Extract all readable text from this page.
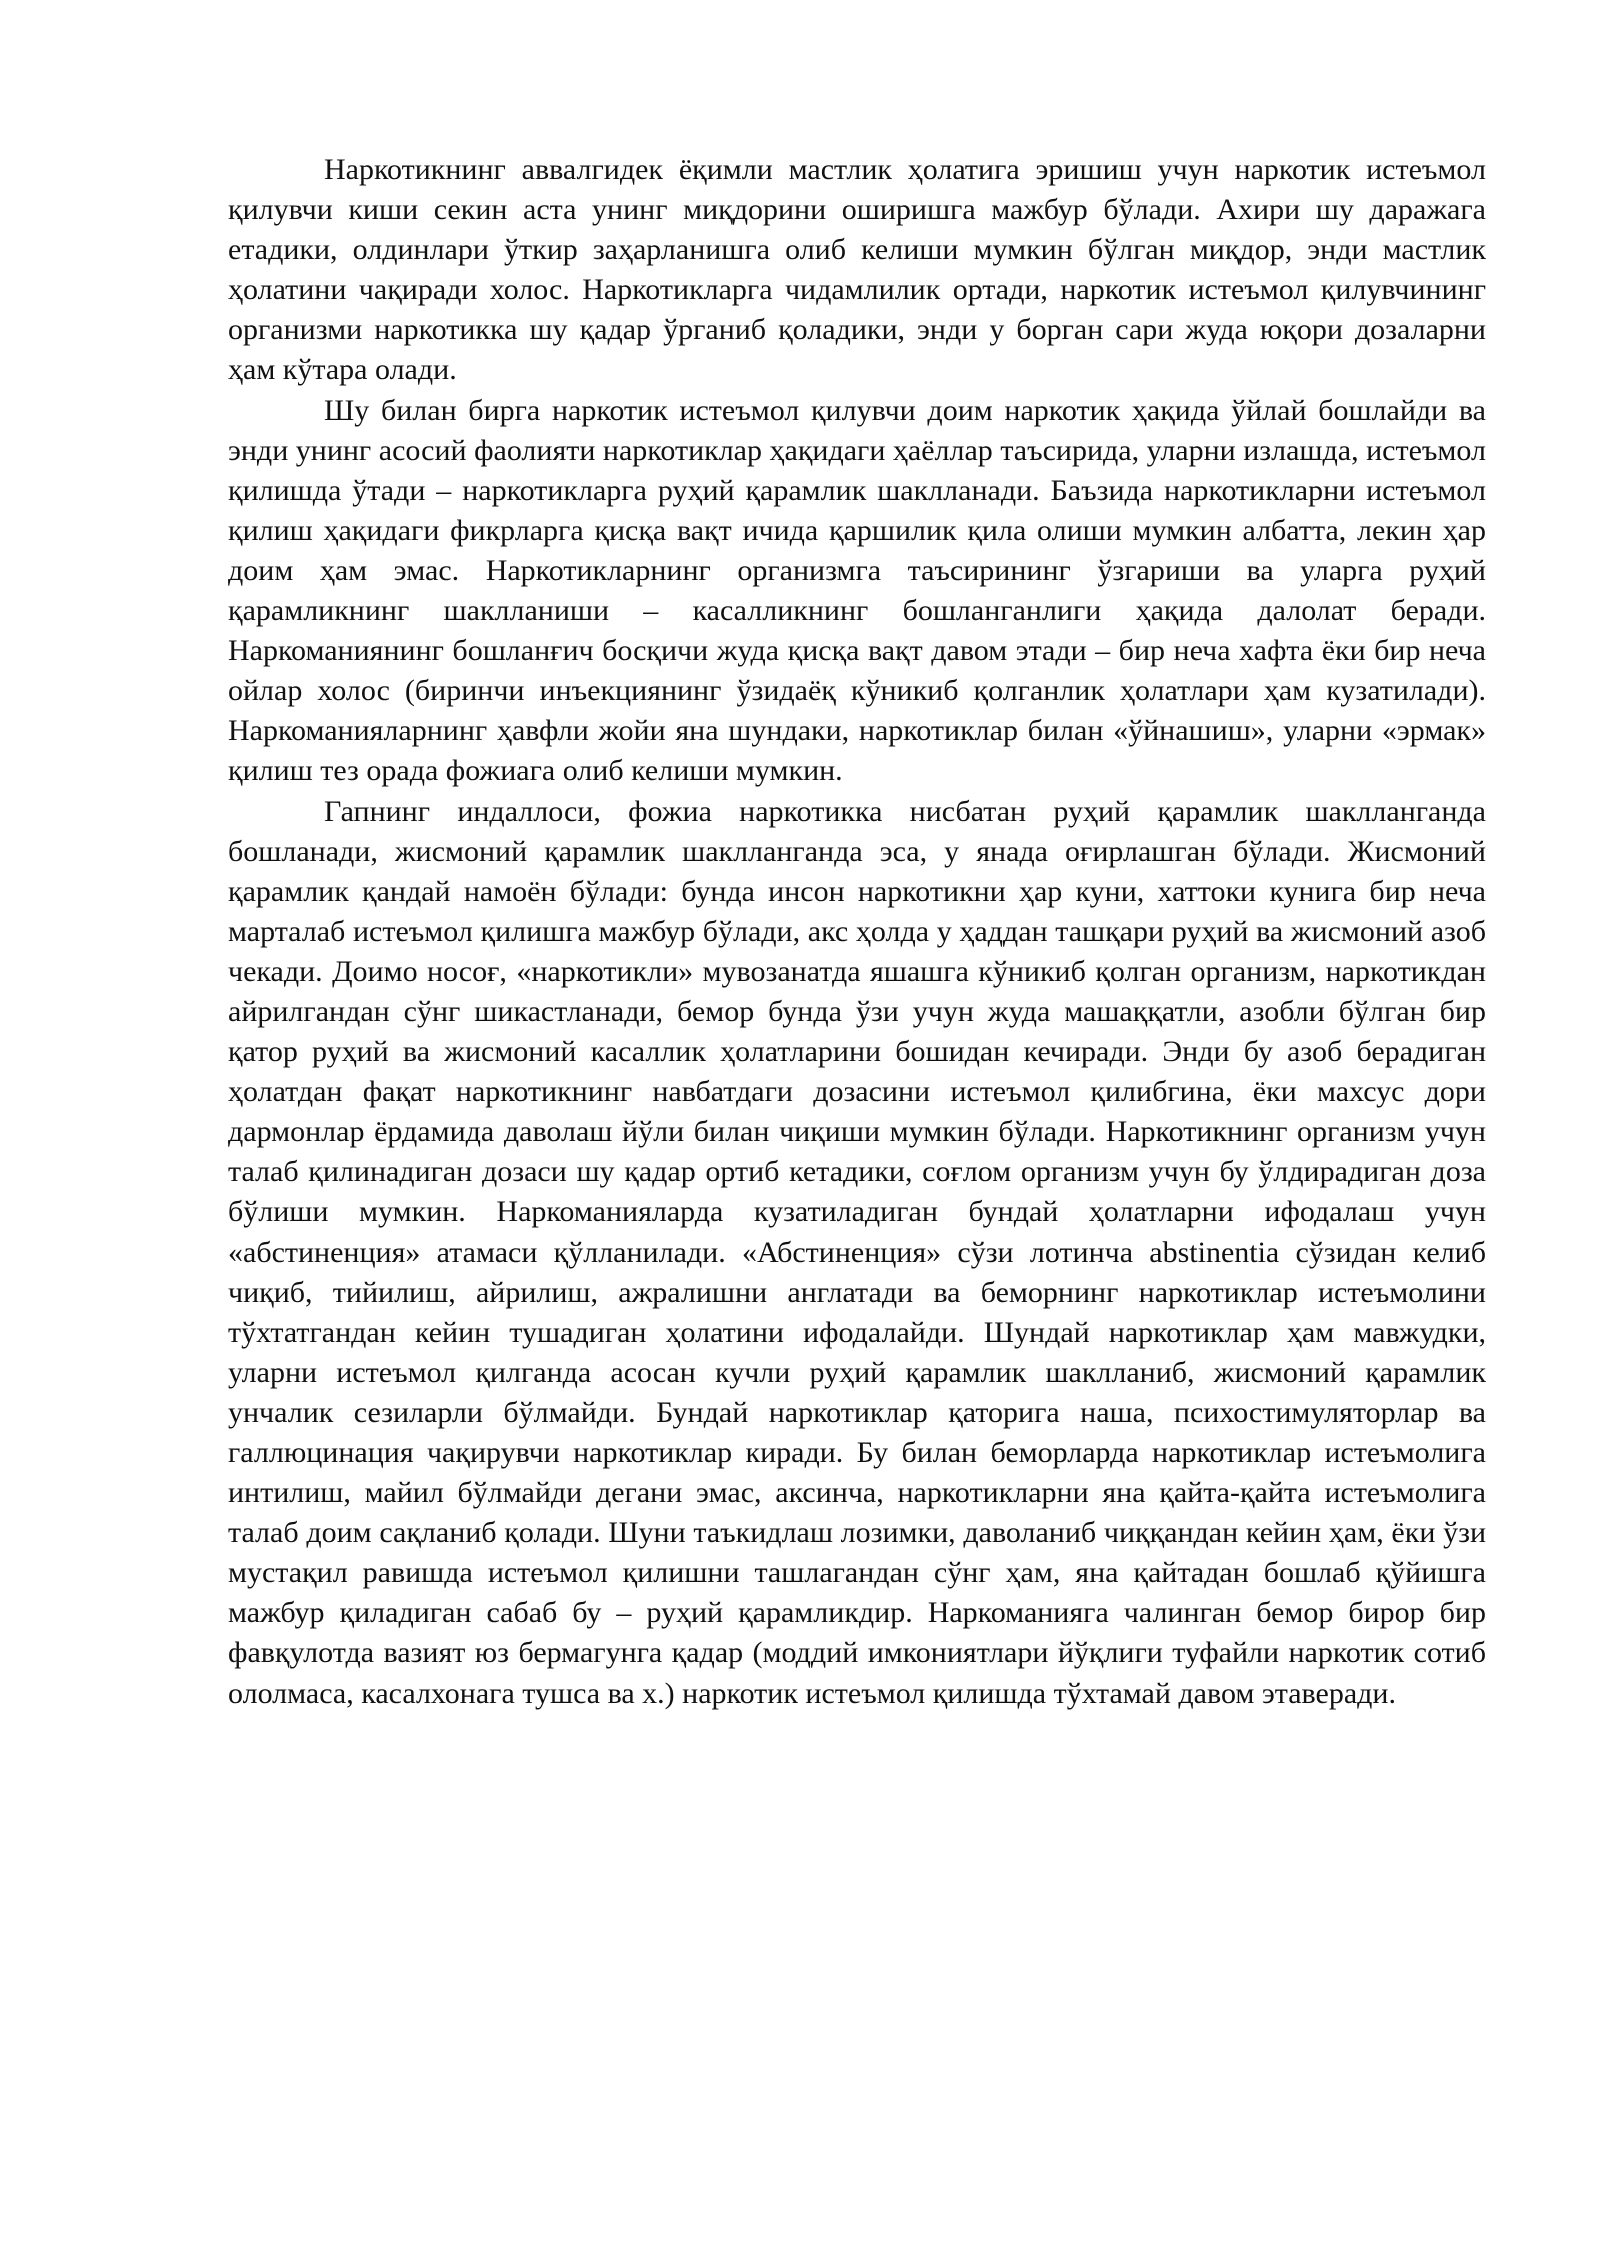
Наркотикнинг аввалгидек ёқимли мастлик ҳолатига эришиш учун наркотик истеъмол қилувчи киши секин аста унинг миқдорини оширишга мажбур бўлади. Ахири шу даражага етадики, олдинлари ўткир заҳарланишга олиб келиши мумкин бўлган миқдор, энди мастлик ҳолатини чақиради холос. Наркотикларга чидамлилик ортади, наркотик истеъмол қилувчининг организми наркотикка шу қадар ўрганиб қоладики, энди у борган сари жуда юқори дозаларни ҳам кўтара олади.

Шу билан бирга наркотик истеъмол қилувчи доим наркотик ҳақида ўйлай бошлайди ва энди унинг асосий фаолияти наркотиклар ҳақидаги ҳаёллар таъсирида, уларни излашда, истеъмол қилишда ўтади – наркотикларга руҳий қарамлик шаклланади. Баъзида наркотикларни истеъмол қилиш ҳақидаги фикрларга қисқа вақт ичида қаршилик қила олиши мумкин албатта, лекин ҳар доим ҳам эмас. Наркотикларнинг организмга таъсирининг ўзгариши ва уларга руҳий қарамликнинг шаклланиши – касалликнинг бошланганлиги ҳақида далолат беради. Наркоманиянинг бошланғич босқичи жуда қисқа вақт давом этади – бир неча хафта ёки бир неча ойлар холос (биринчи инъекциянинг ўзидаёқ кўникиб қолганлик ҳолатлари ҳам кузатилади). Наркоманияларнинг ҳавфли жойи яна шундаки, наркотиклар билан «ўйнашиш», уларни «эрмак» қилиш тез орада фожиага олиб келиши мумкин.

Гапнинг индаллоси, фожиа наркотикка нисбатан руҳий қарамлик шаклланганда бошланади, жисмоний қарамлик шаклланганда эса, у янада оғирлашган бўлади. Жисмоний қарамлик қандай намоён бўлади: бунда инсон наркотикни ҳар куни, хаттоки кунига бир неча марталаб истеъмол қилишга мажбур бўлади, акс ҳолда у ҳаддан ташқари руҳий ва жисмоний азоб чекади. Доимо носоғ, «наркотикли» мувозанатда яшашга кўникиб қолган организм, наркотикдан айрилгандан сўнг шикастланади, бемор бунда ўзи учун жуда машаққатли, азобли бўлган бир қатор руҳий ва жисмоний касаллик ҳолатларини бошидан кечиради. Энди бу азоб берадиган ҳолатдан фақат наркотикнинг навбатдаги дозасини истеъмол қилибгина, ёки махсус дори дармонлар ёрдамида даволаш йўли билан чиқиши мумкин бўлади. Наркотикнинг организм учун талаб қилинадиган дозаси шу қадар ортиб кетадики, соғлом организм учун бу ўлдирадиган доза бўлиши мумкин. Наркоманияларда кузатиладиган бундай ҳолатларни ифодалаш учун «абстиненция» атамаси қўлланилади. «Абстиненция» сўзи лотинча abstinentia сўзидан келиб чиқиб, тийилиш, айрилиш, ажралишни англатади ва беморнинг наркотиклар истеъмолини тўхтатгандан кейин тушадиган ҳолатини ифодалайди. Шундай наркотиклар ҳам мавжудки, уларни истеъмол қилганда асосан кучли руҳий қарамлик шаклланиб, жисмоний қарамлик унчалик сезиларли бўлмайди. Бундай наркотиклар қаторига наша, психостимуляторлар ва галлюцинация чақирувчи наркотиклар киради. Бу билан беморларда наркотиклар истеъмолига интилиш, майил бўлмайди дегани эмас, аксинча, наркотикларни яна қайта-қайта истеъмолига талаб доим сақланиб қолади. Шуни таъкидлаш лозимки, даволаниб чиққандан кейин ҳам, ёки ўзи мустақил равишда истеъмол қилишни ташлагандан сўнг ҳам, яна қайтадан бошлаб қўйишга мажбур қиладиган сабаб бу – руҳий қарамликдир. Наркоманияга чалинган бемор бирор бир фавқулотда вазият юз бермагунга қадар (моддий имкониятлари йўқлиги туфайли наркотик сотиб ололмаса, касалхонага тушса ва х.) наркотик истеъмол қилишда тўхтамай давом этаверади.
